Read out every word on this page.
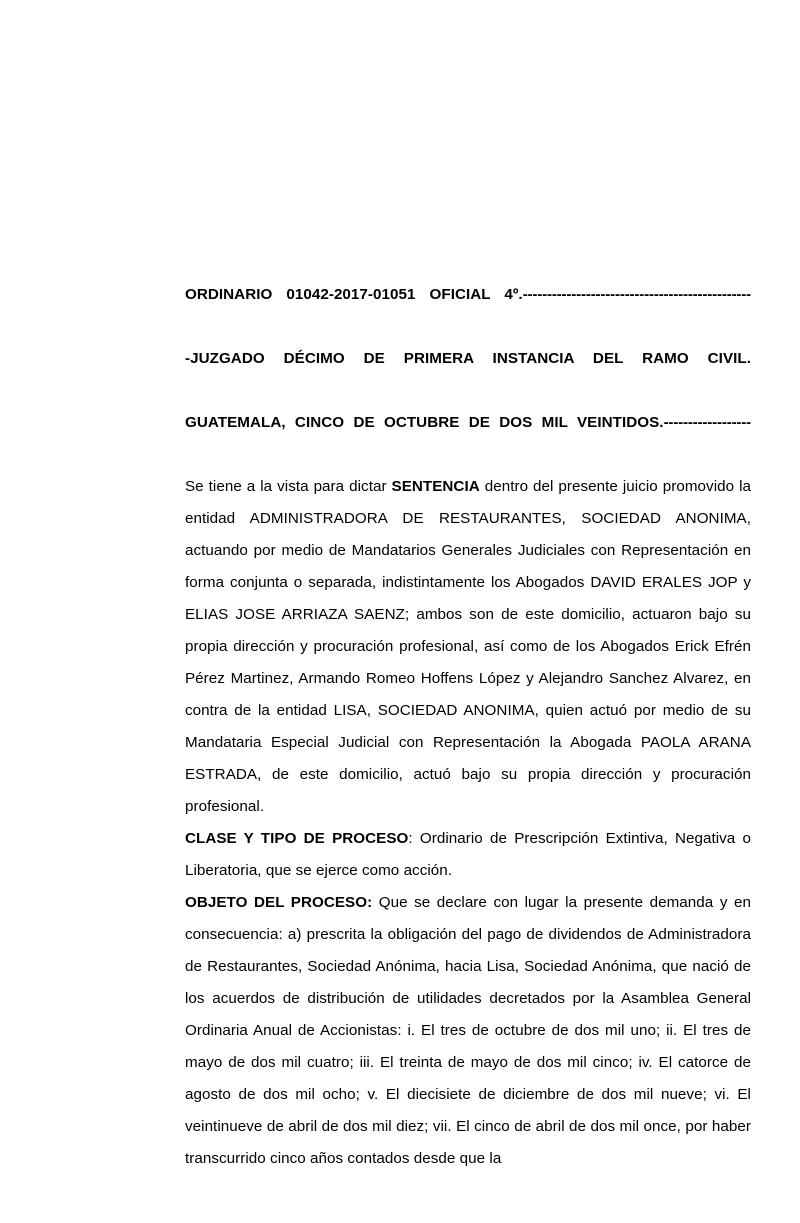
ORDINARIO 01042-2017-01051 OFICIAL 4º.-----------------------------------------------
-JUZGADO DÉCIMO DE PRIMERA INSTANCIA DEL RAMO CIVIL.
GUATEMALA, CINCO DE OCTUBRE DE DOS MIL VEINTIDOS.------------------

Se tiene a la vista para dictar SENTENCIA dentro del presente juicio promovido la entidad ADMINISTRADORA DE RESTAURANTES, SOCIEDAD ANONIMA, actuando por medio de Mandatarios Generales Judiciales con Representación en forma conjunta o separada, indistintamente los Abogados DAVID ERALES JOP y ELIAS JOSE ARRIAZA SAENZ; ambos son de este domicilio, actuaron bajo su propia dirección y procuración profesional, así como de los Abogados Erick Efrén Pérez Martinez, Armando Romeo Hoffens López y Alejandro Sanchez Alvarez, en contra de la entidad LISA, SOCIEDAD ANONIMA, quien actuó por medio de su Mandataria Especial Judicial con Representación la Abogada PAOLA ARANA ESTRADA, de este domicilio, actuó bajo su propia dirección y procuración profesional.

CLASE Y TIPO DE PROCESO: Ordinario de Prescripción Extintiva, Negativa o Liberatoria, que se ejerce como acción.

OBJETO DEL PROCESO: Que se declare con lugar la presente demanda y en consecuencia: a) prescrita la obligación del pago de dividendos de Administradora de Restaurantes, Sociedad Anónima, hacia Lisa, Sociedad Anónima, que nació de los acuerdos de distribución de utilidades decretados por la Asamblea General Ordinaria Anual de Accionistas: i. El tres de octubre de dos mil uno; ii. El tres de mayo de dos mil cuatro; iii. El treinta de mayo de dos mil cinco; iv. El catorce de agosto de dos mil ocho; v. El diecisiete de diciembre de dos mil nueve; vi. El veintinueve de abril de dos mil diez; vii. El cinco de abril de dos mil once, por haber transcurrido cinco años contados desde que la
